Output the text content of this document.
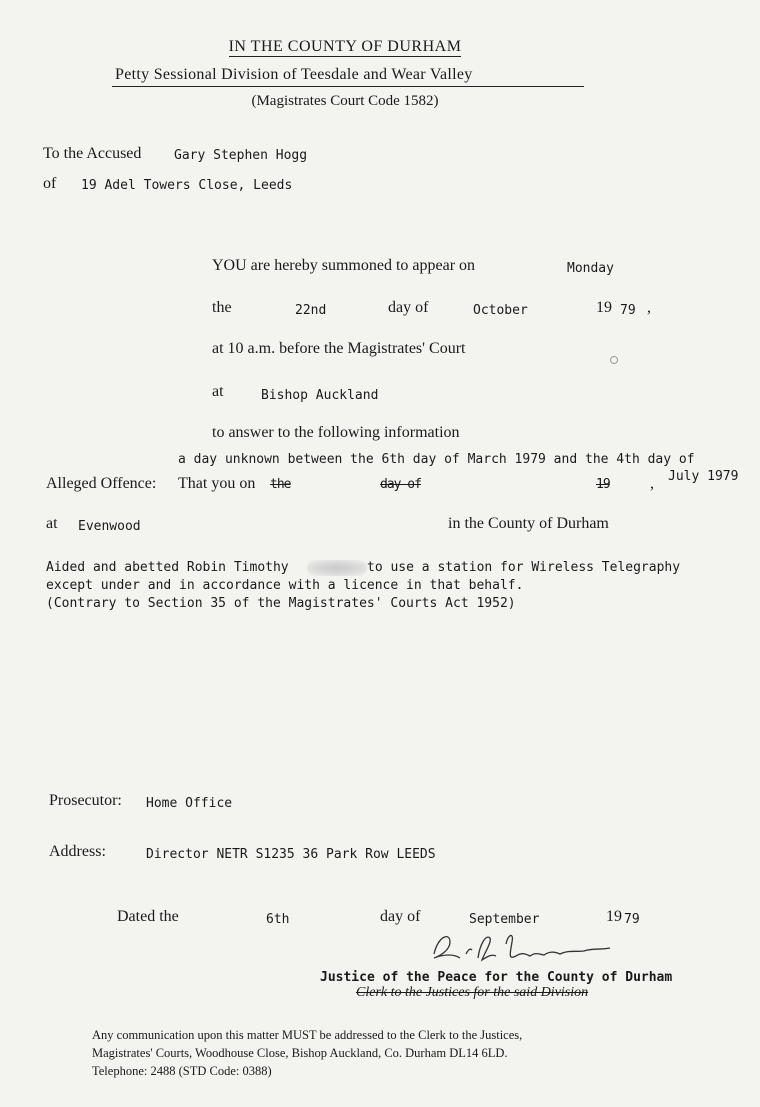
IN THE COUNTY OF DURHAM
Petty Sessional Division of Teesdale and Wear Valley
(Magistrates Court Code 1582)
To the Accused	Gary Stephen Hogg
of 19 Adel Towers Close, Leeds
YOU are hereby summoned to appear on	Monday
the	22nd	day of	October	19 79 ,
at 10 a.m. before the Magistrates' Court
at	Bishop Auckland
to answer to the following information
a day unknown between the 6th day of March 1979 and the 4th day of
July 1979
Alleged Offence: That you on the	day of	19	,
at Evenwood	in the County of Durham
Aided and abetted Robin Timothy	to use a station for Wireless Telegraphy
except under and in accordance with a licence in that behalf.
(Contrary to Section 35 of the Magistrates' Courts Act 1952)
Prosecutor: Home Office
Address:	Director NETR S1235 36 Park Row LEEDS
Dated the	6th	day of	September	19 79
Justice of the Peace for the County of Durham
Clerk to the Justices for the said Division
Any communication upon this matter MUST be addressed to the Clerk to the Justices,
Magistrates' Courts, Woodhouse Close, Bishop Auckland, Co. Durham DL14 6LD.
Telephone: 2488 (STD Code: 0388)
